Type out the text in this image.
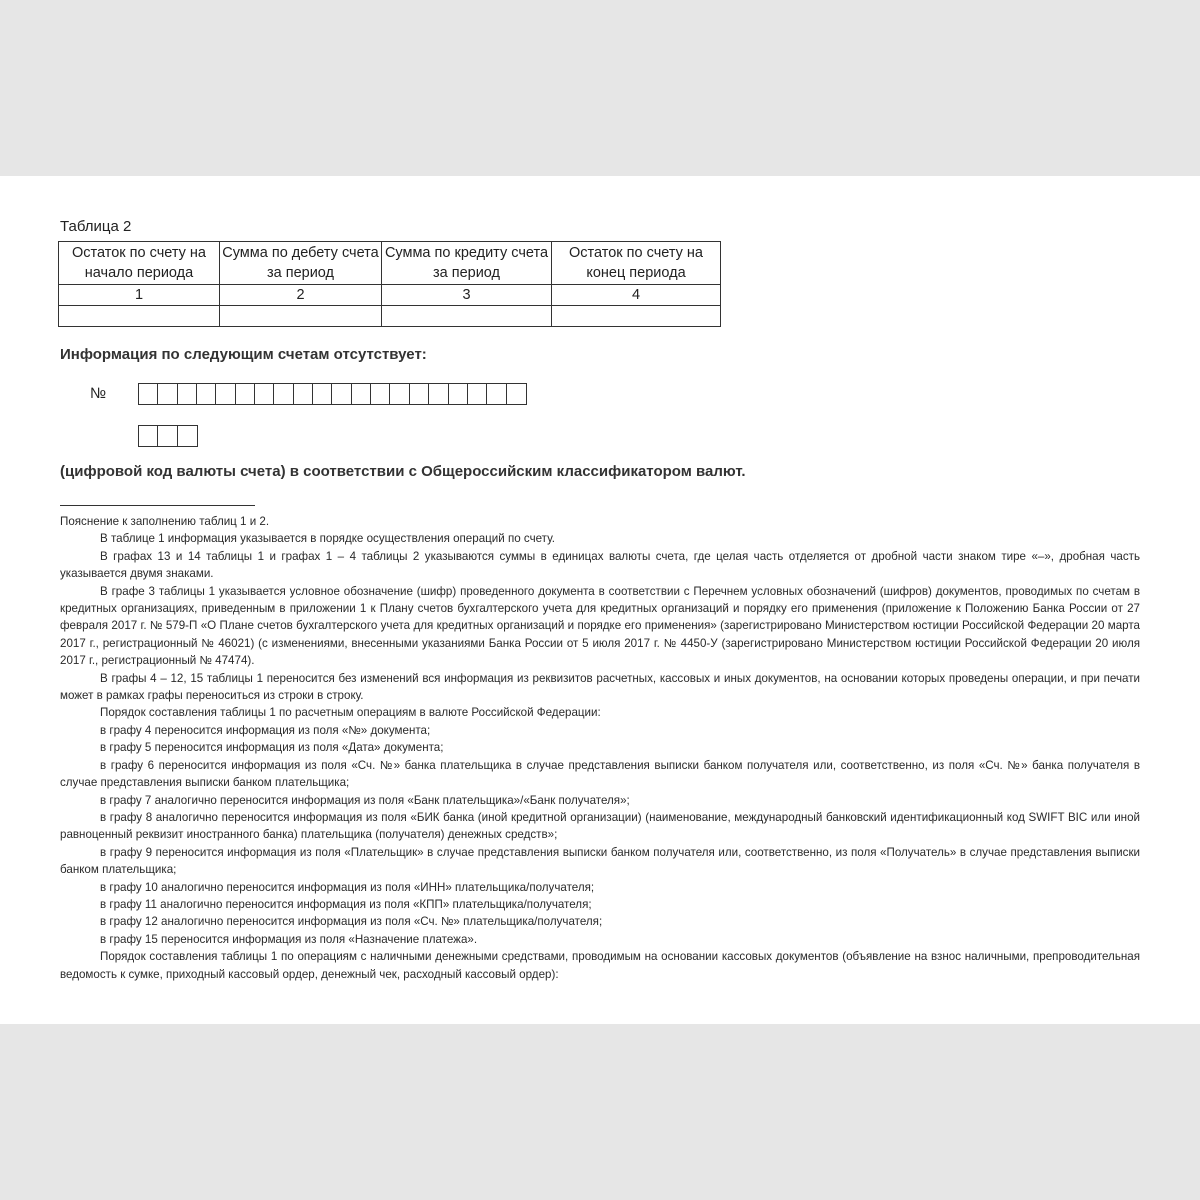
Таблица 2
Остаток по счету на начало периода	Сумма по дебету счета за период	Сумма по кредиту счета за период	Остаток по счету на конец периода
1	2	3	4

Информация по следующим счетам отсутствует:
№
(цифровой код валюты счета) в соответствии с Общероссийским классификатором валют.

Пояснение к заполнению таблиц 1 и 2.

В таблице 1 информация указывается в порядке осуществления операций по счету.

В графах 13 и 14 таблицы 1 и графах 1 – 4 таблицы 2 указываются суммы в единицах валюты счета, где целая часть отделяется от дробной части знаком тире «–», дробная часть указывается двумя знаками.

В графе 3 таблицы 1 указывается условное обозначение (шифр) проведенного документа в соответствии с Перечнем условных обозначений (шифров) документов, проводимых по счетам в кредитных организациях, приведенным в приложении 1 к Плану счетов бухгалтерского учета для кредитных организаций и порядку его применения (приложение к Положению Банка России от 27 февраля 2017 г. № 579-П «О Плане счетов бухгалтерского учета для кредитных организаций и порядке его применения» (зарегистрировано Министерством юстиции Российской Федерации 20 марта 2017 г., регистрационный № 46021) (с изменениями, внесенными указаниями Банка России от 5 июля 2017 г. № 4450-У (зарегистрировано Министерством юстиции Российской Федерации 20 июля 2017 г., регистрационный № 47474).

В графы 4 – 12, 15 таблицы 1 переносится без изменений вся информация из реквизитов расчетных, кассовых и иных документов, на основании которых проведены операции, и при печати может в рамках графы переноситься из строки в строку.

Порядок составления таблицы 1 по расчетным операциям в валюте Российской Федерации:

в графу 4 переносится информация из поля «№» документа;

в графу 5 переносится информация из поля «Дата» документа;

в графу 6 переносится информация из поля «Сч. №» банка плательщика в случае представления выписки банком получателя или, соответственно, из поля «Сч. №» банка получателя в случае представления выписки банком плательщика;

в графу 7 аналогично переносится информация из поля «Банк плательщика»/«Банк получателя»;

в графу 8 аналогично переносится информация из поля «БИК банка (иной кредитной организации) (наименование, международный банковский идентификационный код SWIFT BIC или иной равноценный реквизит иностранного банка) плательщика (получателя) денежных средств»;

в графу 9 переносится информация из поля «Плательщик» в случае представления выписки банком получателя или, соответственно, из поля «Получатель» в случае представления выписки банком плательщика;

в графу 10 аналогично переносится информация из поля «ИНН» плательщика/получателя;

в графу 11 аналогично переносится информация из поля «КПП» плательщика/получателя;

в графу 12 аналогично переносится информация из поля «Сч. №» плательщика/получателя;

в графу 15 переносится информация из поля «Назначение платежа».

Порядок составления таблицы 1 по операциям с наличными денежными средствами, проводимым на основании кассовых документов (объявление на взнос наличными, препроводительная ведомость к сумке, приходный кассовый ордер, денежный чек, расходный кассовый ордер):
